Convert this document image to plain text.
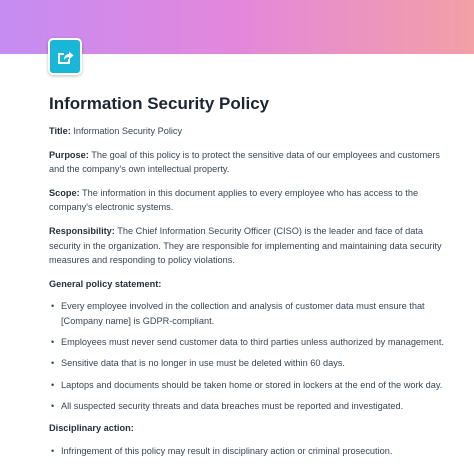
Information Security Policy
Title: Information Security Policy
Purpose: The goal of this policy is to protect the sensitive data of our employees and customers and the company's own intellectual property.
Scope: The information in this document applies to every employee who has access to the company's electronic systems.
Responsibility: The Chief Information Security Officer (CISO) is the leader and face of data security in the organization. They are responsible for implementing and maintaining data security measures and responding to policy violations.
General policy statement:
• Every employee involved in the collection and analysis of customer data must ensure that [Company name] is GDPR-compliant.
• Employees must never send customer data to third parties unless authorized by management.
• Sensitive data that is no longer in use must be deleted within 60 days.
• Laptops and documents should be taken home or stored in lockers at the end of the work day.
• All suspected security threats and data breaches must be reported and investigated.
Disciplinary action:
• Infringement of this policy may result in disciplinary action or criminal prosecution.
